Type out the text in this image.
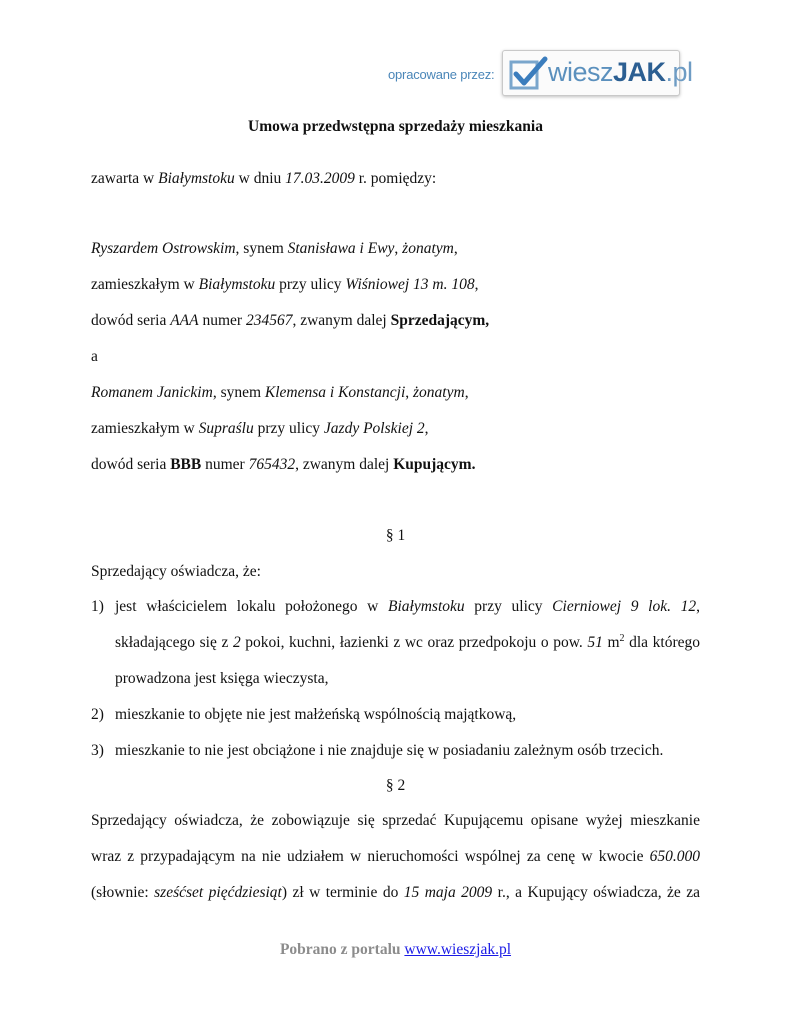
opracowane przez: wieszJAK.pl
Umowa przedwstępna sprzedaży mieszkania
zawarta w Białymstoku w dniu 17.03.2009 r. pomiędzy:
Ryszardem Ostrowskim, synem Stanisława i Ewy, żonatym,
zamieszkałym w Białymstoku przy ulicy Wiśniowej 13 m. 108,
dowód seria AAA numer 234567, zwanym dalej Sprzedającym,
a
Romanem Janickim, synem Klemensa i Konstancji, żonatym,
zamieszkałym w Supraślu przy ulicy Jazdy Polskiej 2,
dowód seria BBB numer 765432, zwanym dalej Kupującym.
§ 1
Sprzedający oświadcza, że:
1) jest właścicielem lokalu położonego w Białymstoku przy ulicy Cierniowej 9 lok. 12,
składającego się z 2 pokoi, kuchni, łazienki z wc oraz przedpokoju o pow. 51 $m^2$ dla którego
prowadzona jest księga wieczysta,
2) mieszkanie to objęte nie jest małżeńską wspólnością majątkową,
3) mieszkanie to nie jest obciążone i nie znajduje się w posiadaniu zależnym osób trzecich.
§ 2
Sprzedający oświadcza, że zobowiązuje się sprzedać Kupującemu opisane wyżej mieszkanie
wraz z przypadającym na nie udziałem w nieruchomości wspólnej za cenę w kwocie 650.000
(słownie: sześćset pięćdziesiąt) zł w terminie do 15 maja 2009 r., a Kupujący oświadcza, że za
Pobrano z portalu www.wieszjak.pl
